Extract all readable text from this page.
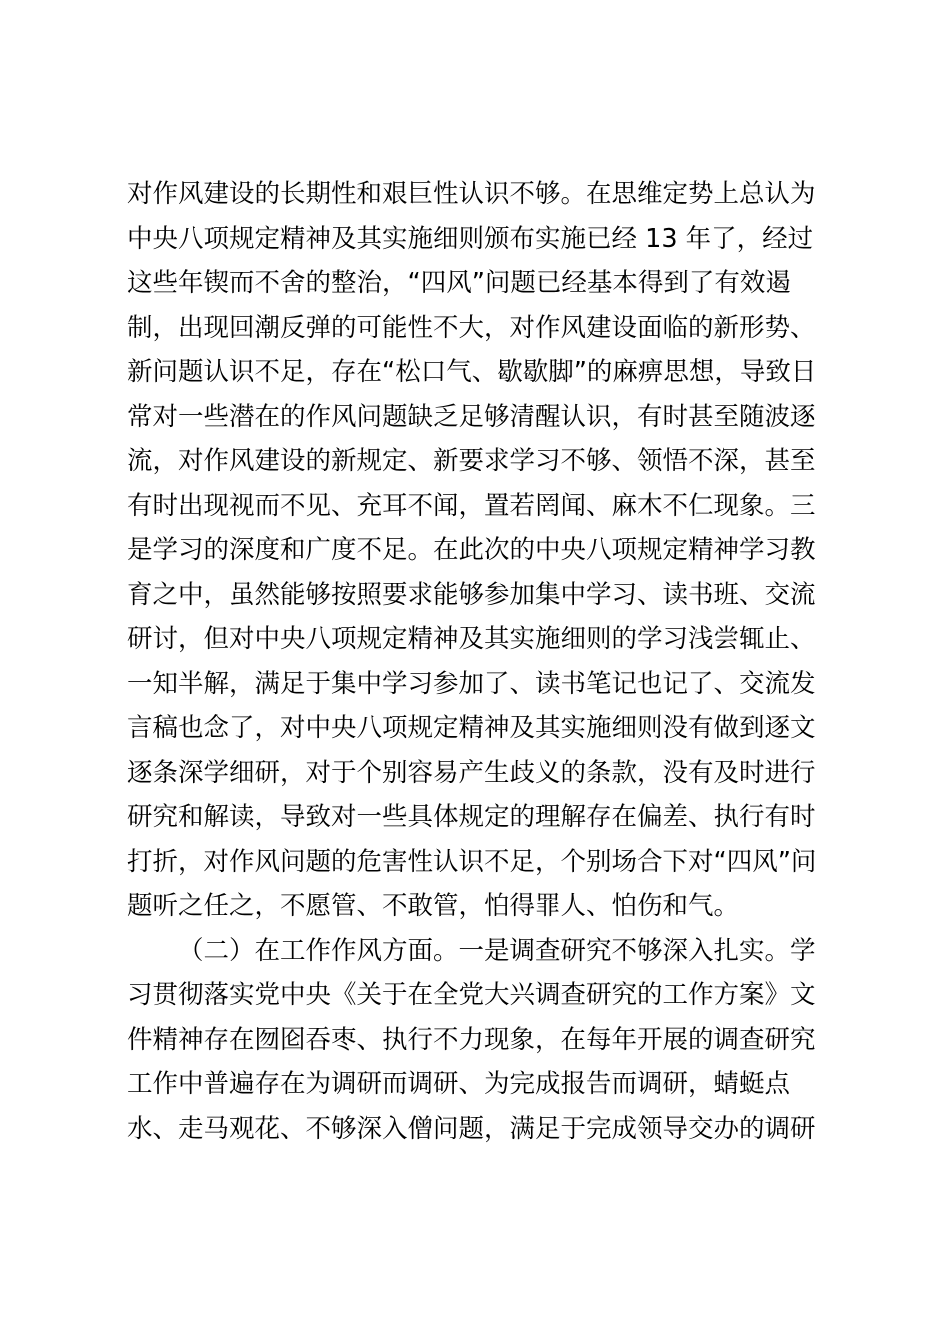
对作风建设的长期性和艰巨性认识不够。在思维定势上总认为
中央八项规定精神及其实施细则颁布实施已经 13 年了，经过
这些年锲而不舍的整治，“四风”问题已经基本得到了有效遏
制，出现回潮反弹的可能性不大，对作风建设面临的新形势、
新问题认识不足，存在“松口气、歇歇脚”的麻痹思想，导致日
常对一些潜在的作风问题缺乏足够清醒认识，有时甚至随波逐
流，对作风建设的新规定、新要求学习不够、领悟不深，甚至
有时出现视而不见、充耳不闻，置若罔闻、麻木不仁现象。三
是学习的深度和广度不足。在此次的中央八项规定精神学习教
育之中，虽然能够按照要求能够参加集中学习、读书班、交流
研讨，但对中央八项规定精神及其实施细则的学习浅尝辄止、
一知半解，满足于集中学习参加了、读书笔记也记了、交流发
言稿也念了，对中央八项规定精神及其实施细则没有做到逐文
逐条深学细研，对于个别容易产生歧义的条款，没有及时进行
研究和解读，导致对一些具体规定的理解存在偏差、执行有时
打折，对作风问题的危害性认识不足，个别场合下对“四风”问
题听之任之，不愿管、不敢管，怕得罪人、怕伤和气。
（二）在工作作风方面。一是调查研究不够深入扎实。学
习贯彻落实党中央《关于在全党大兴调查研究的工作方案》文
件精神存在囫囵吞枣、执行不力现象，在每年开展的调查研究
工作中普遍存在为调研而调研、为完成报告而调研，蜻蜓点
水、走马观花、不够深入僧问题，满足于完成领导交办的调研
